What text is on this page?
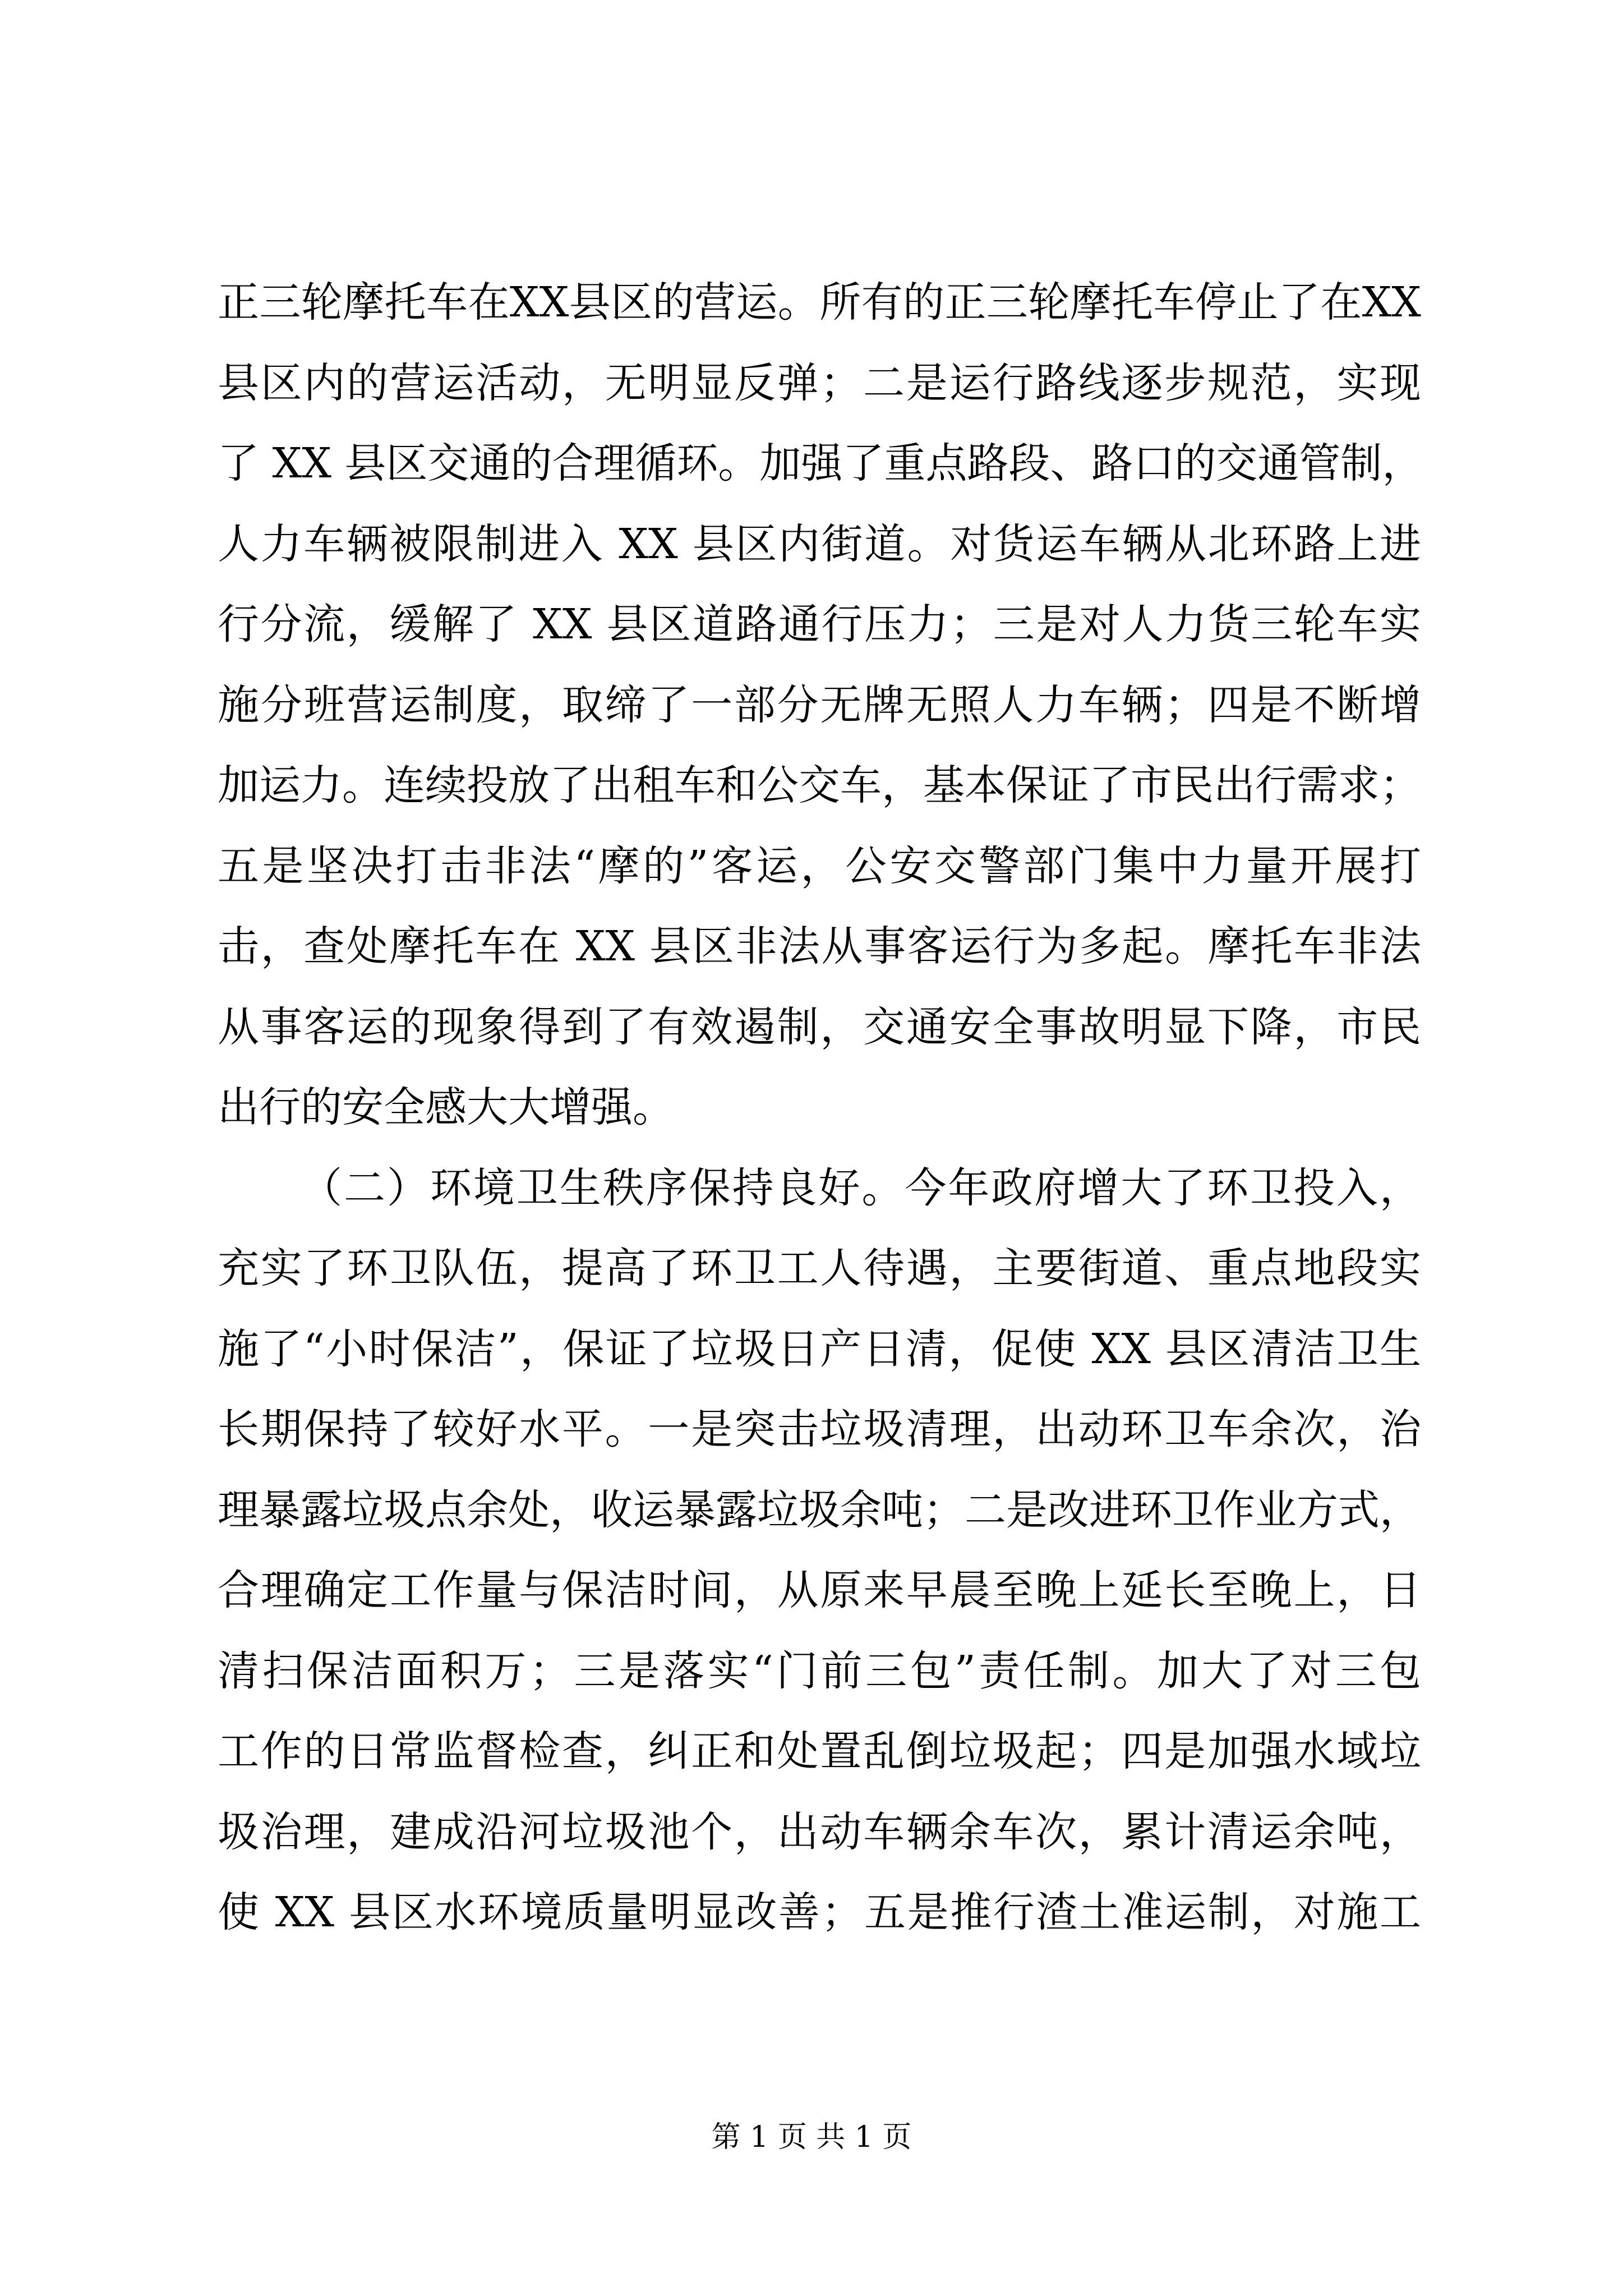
正三轮摩托车在XX县区的营运。所有的正三轮摩托车停止了在XX
县区内的营运活动，无明显反弹；二是运行路线逐步规范，实现
了 XX 县区交通的合理循环。加强了重点路段、路口的交通管制，
人力车辆被限制进入 XX 县区内街道。对货运车辆从北环路上进
行分流，缓解了 XX 县区道路通行压力；三是对人力货三轮车实
施分班营运制度，取缔了一部分无牌无照人力车辆；四是不断增
加运力。连续投放了出租车和公交车，基本保证了市民出行需求；
五是坚决打击非法“摩的”客运，公安交警部门集中力量开展打
击，查处摩托车在 XX 县区非法从事客运行为多起。摩托车非法
从事客运的现象得到了有效遏制，交通安全事故明显下降，市民
出行的安全感大大增强。
（二）环境卫生秩序保持良好。今年政府增大了环卫投入，
充实了环卫队伍，提高了环卫工人待遇，主要街道、重点地段实
施了“小时保洁”，保证了垃圾日产日清，促使 XX 县区清洁卫生
长期保持了较好水平。一是突击垃圾清理，出动环卫车余次，治
理暴露垃圾点余处，收运暴露垃圾余吨；二是改进环卫作业方式，
合理确定工作量与保洁时间，从原来早晨至晚上延长至晚上，日
清扫保洁面积万；三是落实“门前三包”责任制。加大了对三包
工作的日常监督检查，纠正和处置乱倒垃圾起；四是加强水域垃
圾治理，建成沿河垃圾池个，出动车辆余车次，累计清运余吨，
使 XX 县区水环境质量明显改善；五是推行渣土准运制，对施工
第 1 页 共 1 页
